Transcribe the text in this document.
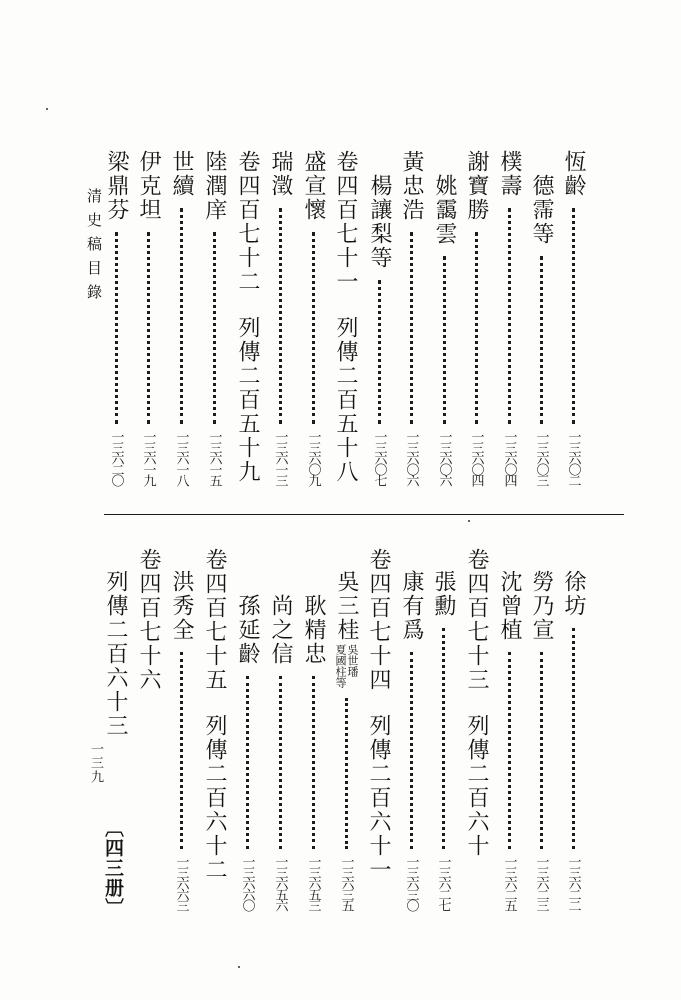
清史稿目錄
恆齡
一三六〇二
德霈等
一三六〇三
樸壽
一三六〇四
謝寶勝
一三六〇四
姚靄雲
一三六〇六
黃忠浩
一三六〇六
楊讓梨等
一三六〇七
卷四百七十一
列傳二百五十八
盛宣懷
一三六〇九
瑞澂
一三六一三
卷四百七十二
列傳二百五十九
陸潤庠
一三六一五
世續
一三六一八
伊克坦
一三六一九
梁鼎芬
一三六二〇
徐坊
一三六二二
勞乃宣
一三六二三
沈曾植
一三六二五
卷四百七十三
列傳二百六十
張勳
一三六二七
康有爲
一三六三〇
卷四百七十四
列傳二百六十一
吳三桂
吳世璠
夏國柱等
一三六三五
耿精忠
一三六五三
尚之信
一三六五六
孫延齡
一三六六〇
卷四百七十五
列傳二百六十二
洪秀全
一三六六三
卷四百七十六
列傳二百六十三
一三九
〔四三册〕
